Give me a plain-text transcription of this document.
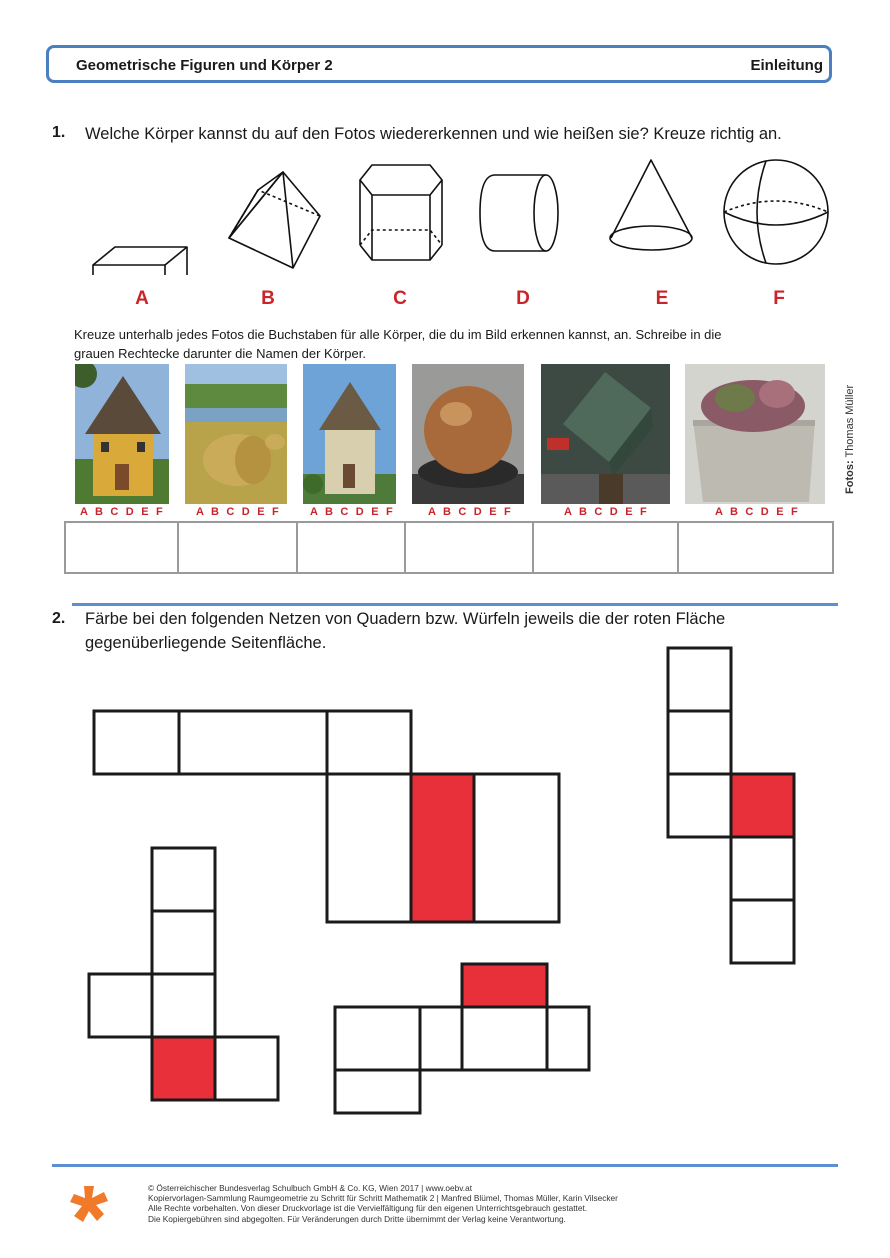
Geometrische Figuren und Körper 2	Einleitung
1. Welche Körper kannst du auf den Fotos wiedererkennen und wie heißen sie? Kreuze richtig an.
A	B	C	D	E	F
Kreuze unterhalb jedes Fotos die Buchstaben für alle Körper, die du im Bild erkennen kannst, an. Schreibe in die
grauen Rechtecke darunter die Namen der Körper.
Fotos: Thomas Müller
A B C D E F	A B C D E F	A B C D E F	A B C D E F	A B C D E F	A B C D E F
2. Färbe bei den folgenden Netzen von Quadern bzw. Würfeln jeweils die der roten Fläche
gegenüberliegende Seitenfläche.
© Österreichischer Bundesverlag Schulbuch GmbH & Co. KG, Wien 2017 | www.oebv.at
Kopiervorlagen-Sammlung Raumgeometrie zu Schritt für Schritt Mathematik 2 | Manfred Blümel, Thomas Müller, Karin Vilsecker
Alle Rechte vorbehalten. Von dieser Druckvorlage ist die Vervielfältigung für den eigenen Unterrichtsgebrauch gestattet.
Die Kopiergebühren sind abgegolten. Für Veränderungen durch Dritte übernimmt der Verlag keine Verantwortung.
